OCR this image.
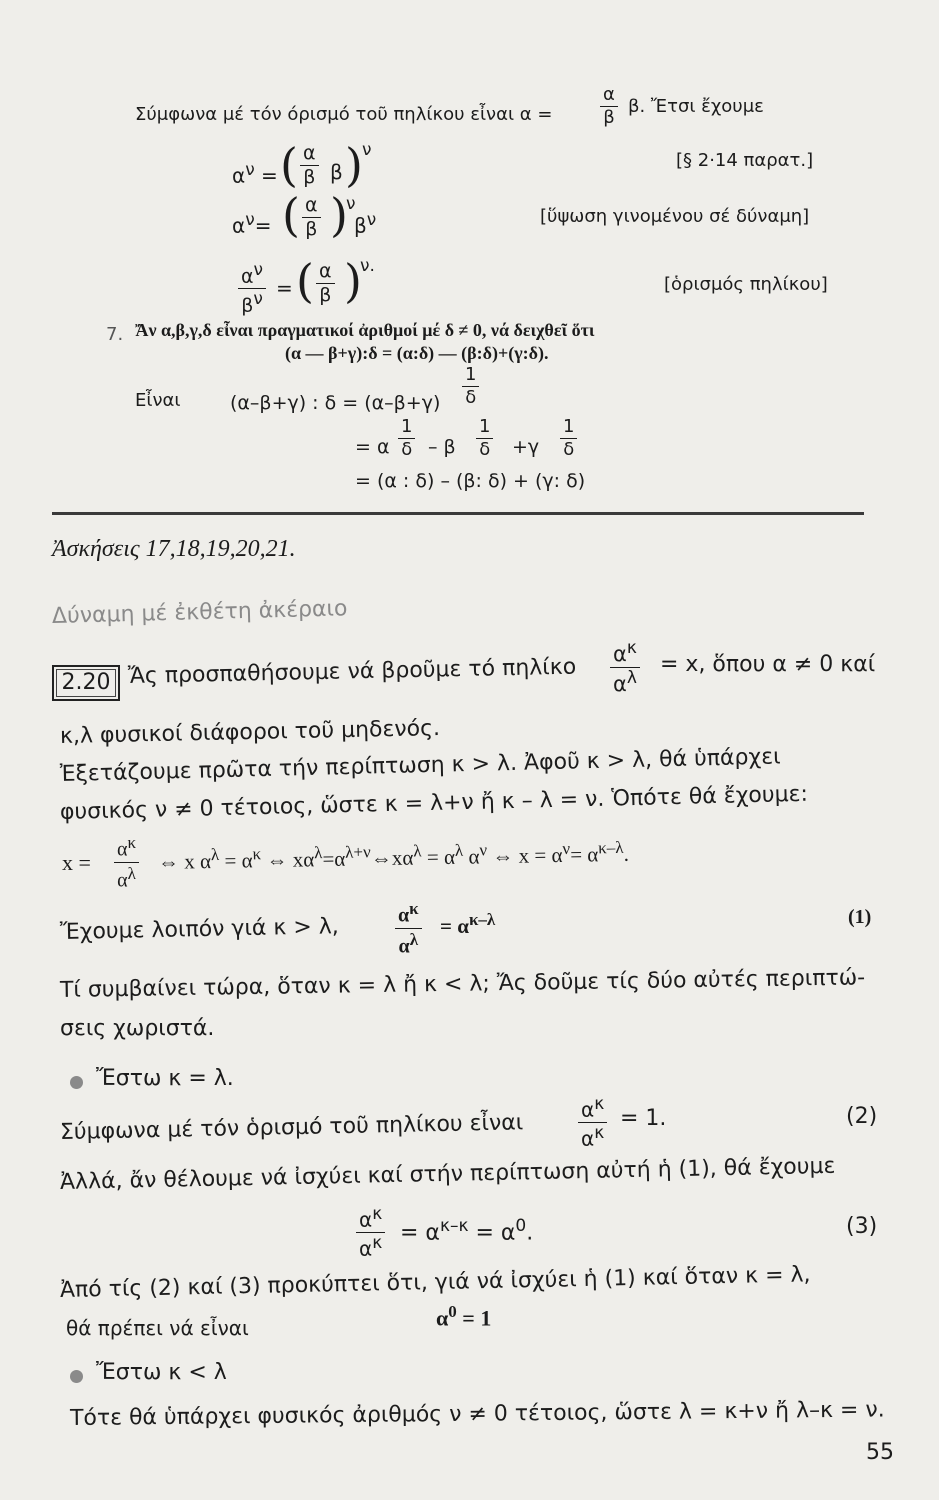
Σύμφωνα μέ τόν όρισμό τοῦ πηλίκου εἶναι α =	$\frac{\alpha}{\beta} \beta$. Ἔτσι ἔχουμε
$\alpha^\nu$ = ( $\frac{\alpha}{\beta}$ β ) ν	[§ 2·14 παρατ.]
$\alpha^\nu=$ ( $\frac{\alpha}{\beta}$ )
ν
$\beta^\nu$	[ὕψωση γινομένου σέ δύναμη]
$\frac{\alpha^\nu}{\beta^\nu}$ = ( $\frac{\alpha}{\beta}$ )
ν.
[ὁρισμός πηλίκου]
7. Ἄν α,β,γ,δ εἶναι πραγματικοί ἀριθμοί μέ δ ≠ 0, νά δειχθεῖ ὅτι
(α — β+γ):δ = (α:δ) — (β:δ)+(γ:δ).
Εἶναι	(α–β+γ) : $\delta = (\alpha-\beta+\gamma) \frac{1}{\delta}$
= α $\frac{1}{\delta} - \beta \frac{1}{\delta} +\gamma \frac{1}{\delta}$
= (α : δ) – (β: δ) + (γ: δ)
Ἀσκήσεις 17,18,19,20,21.
Δύναμη μέ ἐκθέτη ἀκέραιο
2.20 Ἄς προσπαθήσουμε νά βροῦμε τό πηλίκο $\frac{\alpha^\kappa}{\alpha^\lambda} = x$, ὅπου α ≠ 0 καί
κ,λ φυσικοί διάφοροι τοῦ μηδενός.
Ἐξετάζουμε πρῶτα τήν περίπτωση κ > λ. Ἀφοῦ κ > λ, θά ὑπάρχει
φυσικός ν ≠ 0 τέτοιος, ὥστε κ = λ+ν ἤ κ – λ = ν. Ὁπότε θά ἔχουμε:
$x = \frac{\alpha^\kappa}{\alpha^\lambda}$ ⇔ x $\alpha^\lambda = \alpha^\kappa$ ⇔ $x\alpha^\lambda=\alpha^{\lambda+\nu}\Leftrightarrow x\alpha^\lambda = \alpha^\lambda$ $\alpha^\nu$ ⇔ $x = \alpha^\nu= \alpha^{\kappa-\lambda}$.
Ἔχουμε λοιπόν γιά κ > λ,	$\frac{\alpha^\kappa}{\alpha^\lambda} = \alpha^{\kappa-\lambda}$	(1)
Τί συμβαίνει τώρα, ὅταν κ = λ ἤ κ < λ; Ἄς δοῦμε τίς δύο αὐτές περιπτώ-
σεις χωριστά.
Ἔστω κ = λ.
Σύμφωνα μέ τόν ὁρισμό τοῦ πηλίκου εἶναι	$\frac{\alpha^\kappa}{\alpha^\kappa} = 1$.	(2)
Ἀλλά, ἄν θέλουμε νά ἰσχύει καί στήν περίπτωση αὐτή ἡ (1), θά ἔχουμε
$\frac{\alpha^\kappa}{\alpha^\kappa} = \alpha^{\kappa-\kappa} = \alpha^0$.	(3)
Ἀπό τίς (2) καί (3) προκύπτει ὅτι, γιά νά ἰσχύει ἡ (1) καί ὅταν κ = λ,
θά πρέπει νά εἶναι	$\alpha^0 = 1$
Ἔστω κ < λ
Τότε θά ὑπάρχει φυσικός ἀριθμός ν ≠ 0 τέτοιος, ὥστε λ = κ+ν ἤ λ–κ = ν.
55
